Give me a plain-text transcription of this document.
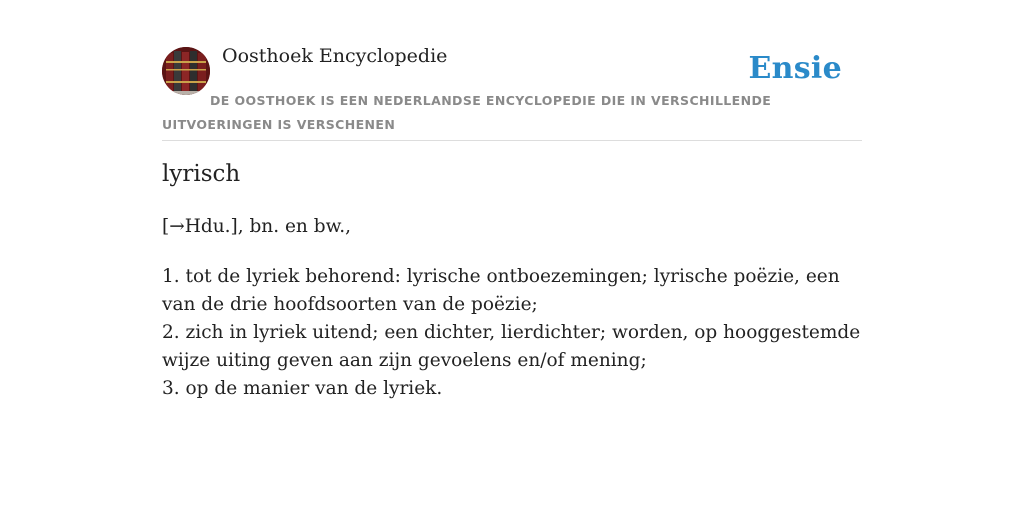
Oosthoek Encyclopedie	Ensie
DE OOSTHOEK IS EEN NEDERLANDSE ENCYCLOPEDIE DIE IN VERSCHILLENDE UITVOERINGEN IS VERSCHENEN
lyrisch
[→Hdu.], bn. en bw.,
1. tot de lyriek behorend: lyrische ontboezemingen; lyrische poëzie, een van de drie hoofdsoorten van de poëzie;
2. zich in lyriek uitend; een dichter, lierdichter; worden, op hooggestemde wijze uiting geven aan zijn gevoelens en/of mening;
3. op de manier van de lyriek.
